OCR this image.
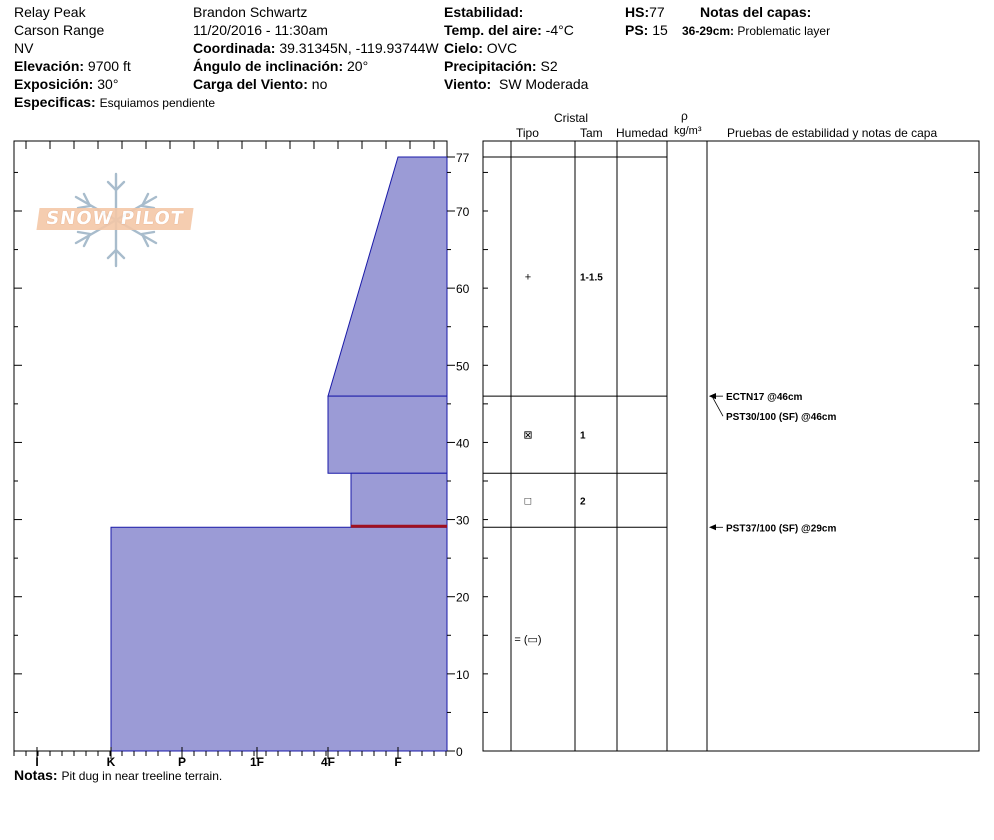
Relay Peak
Carson Range
NV
Elevación: 9700 ft
Exposición: 30°
Especificas: Esquiamos pendiente
Brandon Schwartz
11/20/2016 - 11:30am
Coordinada: 39.31345N, -119.93744W
Ángulo de inclinación: 20°
Carga del Viento: no
Estabilidad:
Temp. del aire: -4°C
Cielo: OVC
Precipitación: S2
Viento: SW Moderada
HS:77
PS: 15
Notas del capas:
36-29cm: Problematic layer
Cristal
Tipo	Tam Humedad
ρ
kg/m³ Pruebas de estabilidad y notas de capa
I	K	P	1F	4F	F
0
10
20
30
40
50
60
70
77
+	1-1.5
⊠	1
□	2
= (▭)
ECTN17 @46cm
PST30/100 (SF) @46cm
PST37/100 (SF) @29cm
SNOW PILOT
Notas: Pit dug in near treeline terrain.
